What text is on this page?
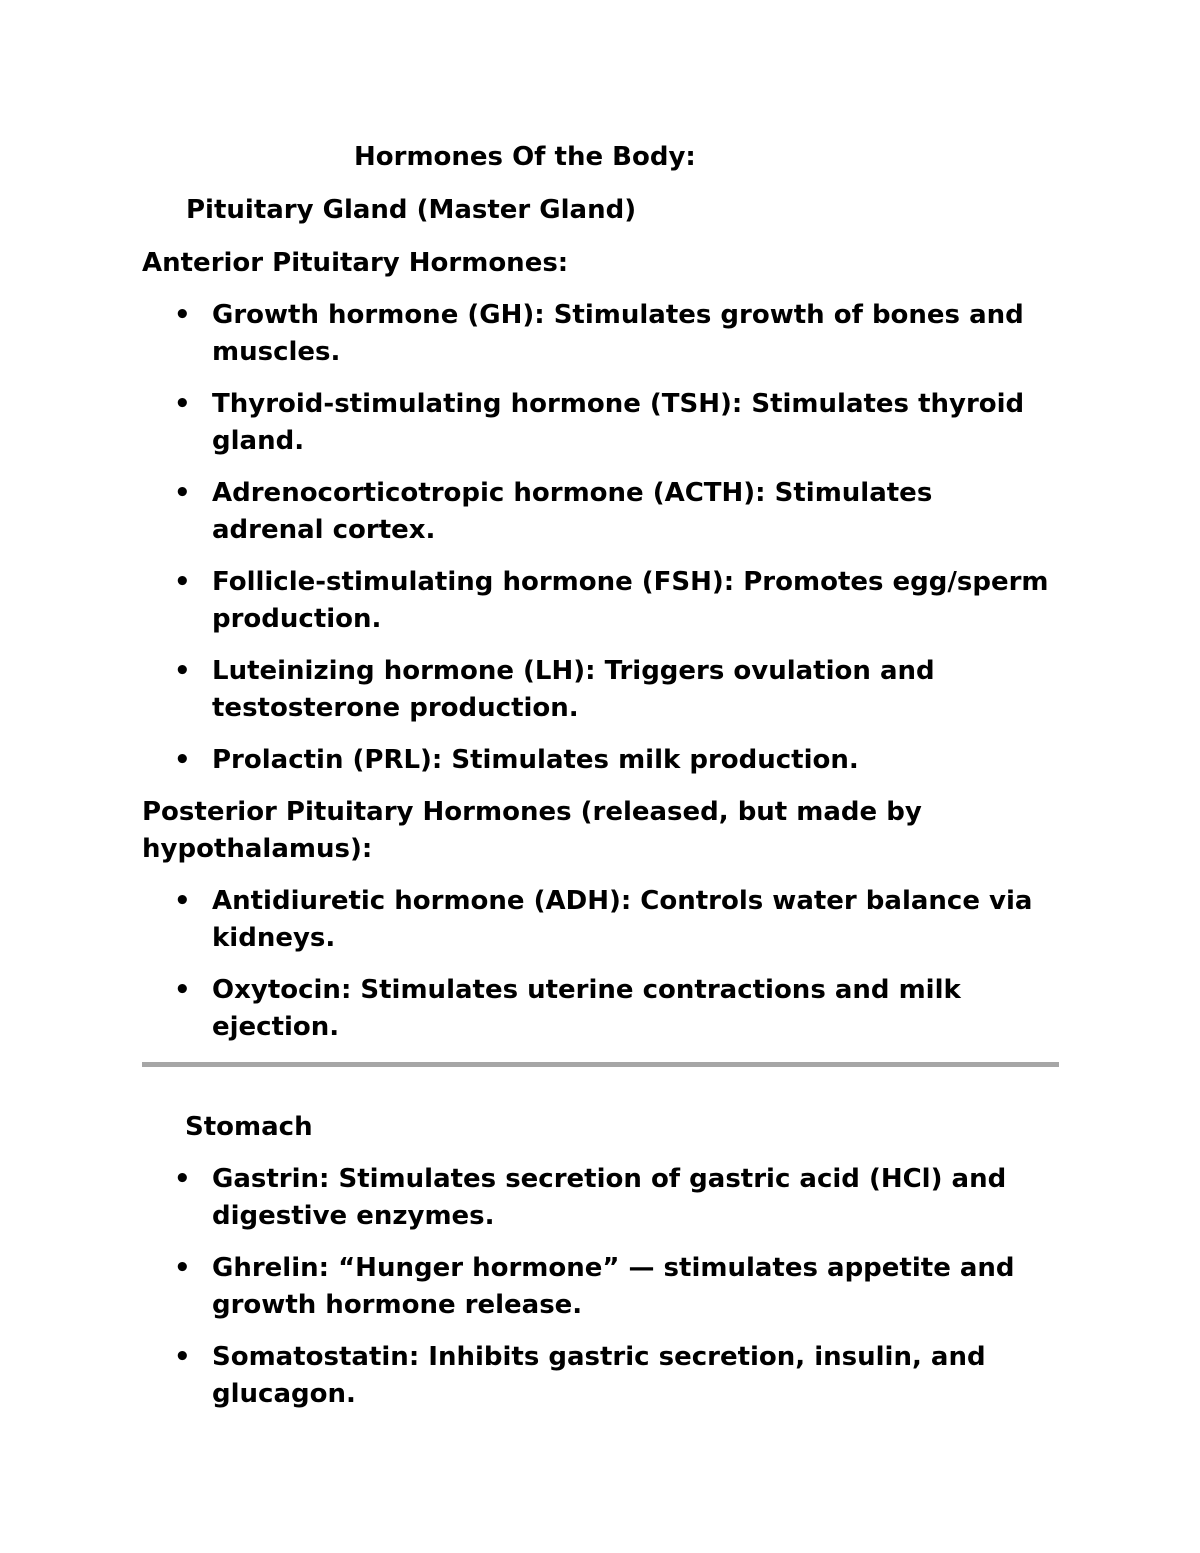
Hormones Of the Body:
Pituitary Gland (Master Gland)
Anterior Pituitary Hormones:
• Growth hormone (GH): Stimulates growth of bones and muscles.
• Thyroid-stimulating hormone (TSH): Stimulates thyroid gland.
• Adrenocorticotropic hormone (ACTH): Stimulates adrenal cortex.
• Follicle-stimulating hormone (FSH): Promotes egg/sperm production.
• Luteinizing hormone (LH): Triggers ovulation and testosterone production.
• Prolactin (PRL): Stimulates milk production.
Posterior Pituitary Hormones (released, but made by hypothalamus):
• Antidiuretic hormone (ADH): Controls water balance via kidneys.
• Oxytocin: Stimulates uterine contractions and milk ejection.
Stomach
• Gastrin: Stimulates secretion of gastric acid (HCl) and digestive enzymes.
• Ghrelin: “Hunger hormone” — stimulates appetite and growth hormone release.
• Somatostatin: Inhibits gastric secretion, insulin, and glucagon.
